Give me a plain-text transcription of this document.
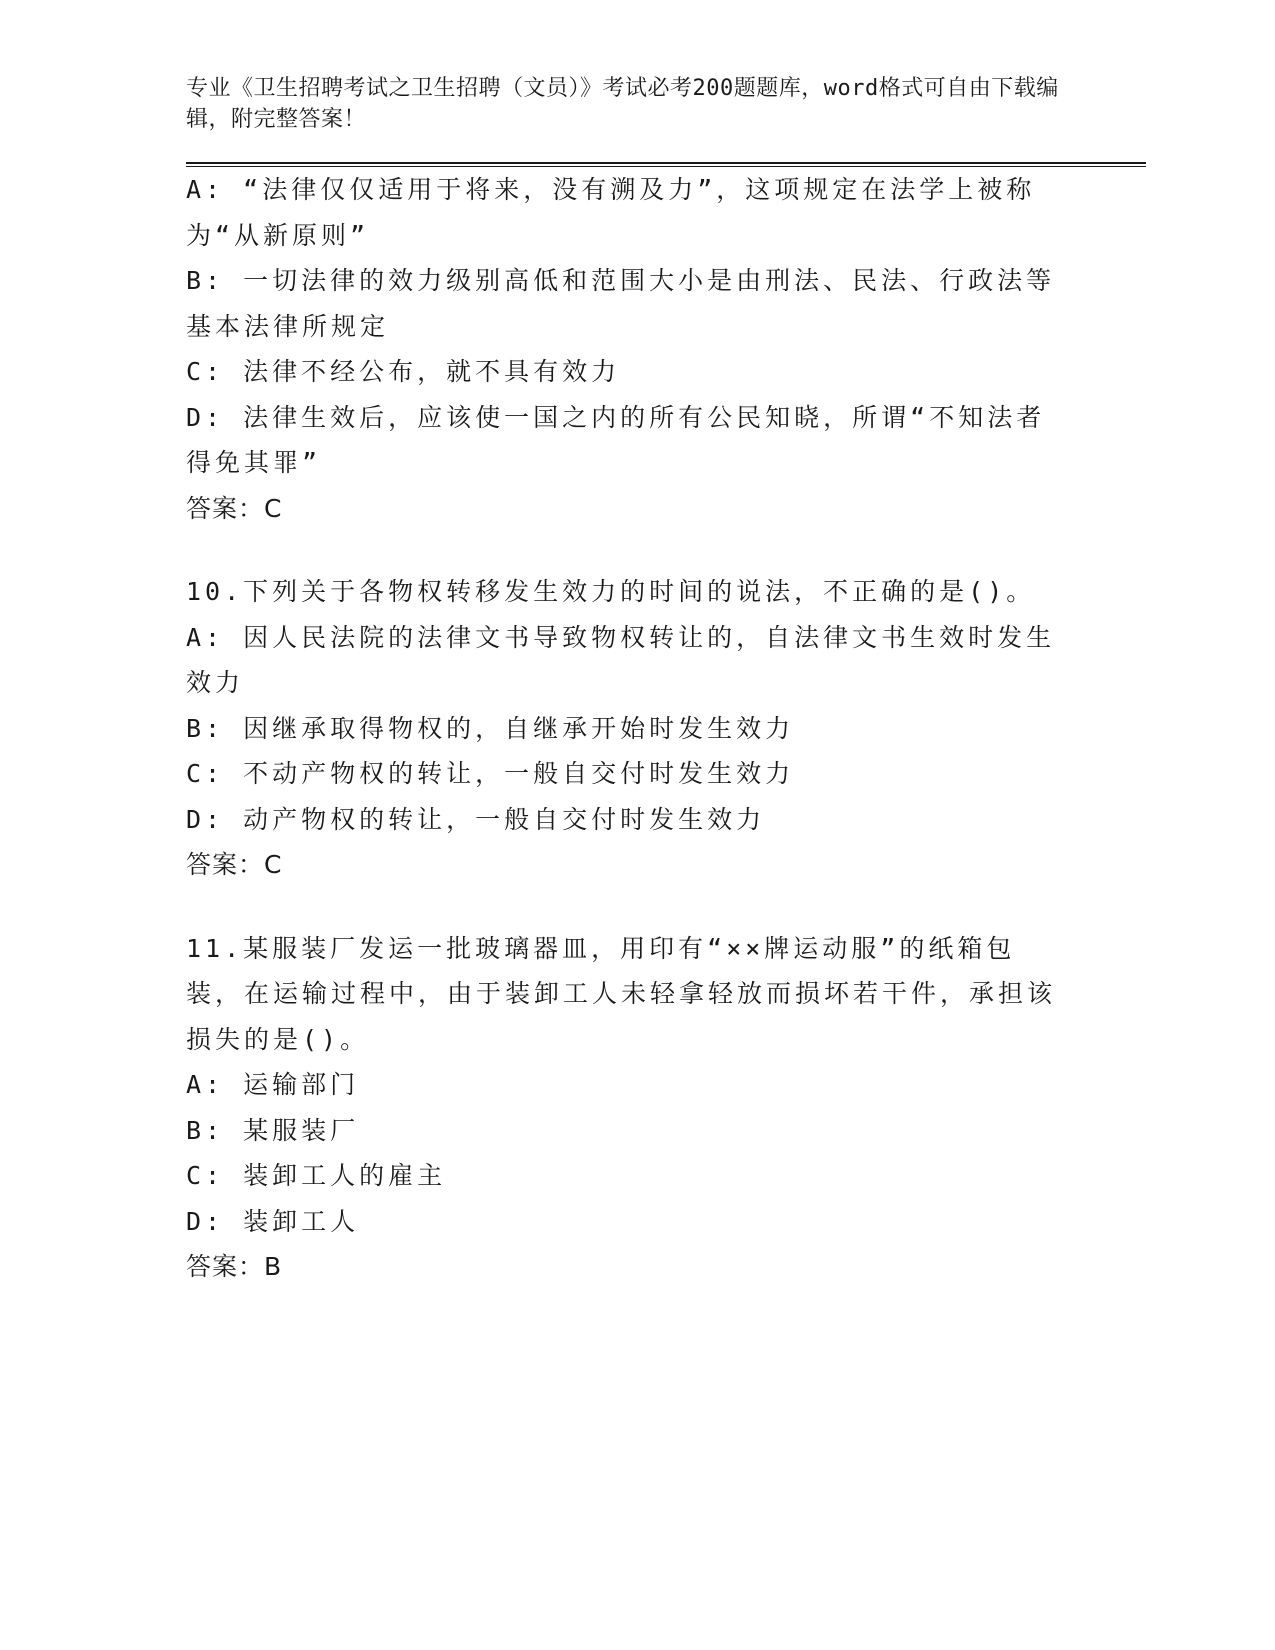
专业《卫生招聘考试之卫生招聘（文员）》考试必考200题题库，word格式可自由下载编辑，附完整答案！
A: “法律仅仅适用于将来，没有溯及力”，这项规定在法学上被称为“从新原则”
B: 一切法律的效力级别高低和范围大小是由刑法、民法、行政法等基本法律所规定
C: 法律不经公布，就不具有效力
D: 法律生效后，应该使一国之内的所有公民知晓，所谓“不知法者得免其罪”
答案：C
10.下列关于各物权转移发生效力的时间的说法，不正确的是()。
A: 因人民法院的法律文书导致物权转让的，自法律文书生效时发生效力
B: 因继承取得物权的，自继承开始时发生效力
C: 不动产物权的转让，一般自交付时发生效力
D: 动产物权的转让，一般自交付时发生效力
答案：C
11.某服装厂发运一批玻璃器皿，用印有“××牌运动服”的纸箱包装，在运输过程中，由于装卸工人未轻拿轻放而损坏若干件，承担该损失的是()。
A: 运输部门
B: 某服装厂
C: 装卸工人的雇主
D: 装卸工人
答案：B
